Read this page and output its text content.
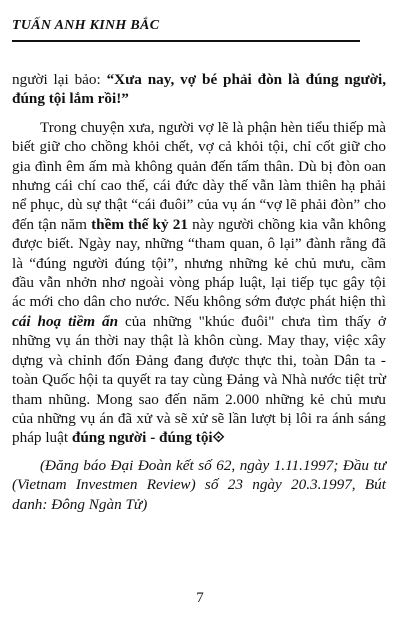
TUẤN ANH KINH BẮC

người lại bảo: “Xưa nay, vợ bé phải đòn là đúng người, đúng tội lắm rồi!”

Trong chuyện xưa, người vợ lẽ là phận hèn tiểu thiếp mà biết giữ cho chồng khỏi chết, vợ cả khỏi tội, chỉ cốt giữ cho gia đình êm ấm mà không quản đến tấm thân. Dù bị đòn oan nhưng cái chí cao thế, cái đức dày thế vẫn làm thiên hạ phải nể phục, dù sự thật “cái đuôi” của vụ án “vợ lẽ phải đòn” cho đến tận năm thềm thế kỷ 21 này người chồng kia vẫn không được biết. Ngày nay, những “tham quan, ô lại” đành rằng đã là “đúng người đúng tội”, nhưng những kẻ chủ mưu, cầm đầu vẫn nhởn nhơ ngoài vòng pháp luật, lại tiếp tục gây tội ác mới cho dân cho nước. Nếu không sớm được phát hiện thì cái hoạ tiềm ẩn của những "khúc đuôi" chưa tìm thấy ở những vụ án thời nay thật là khôn cùng. May thay, việc xây dựng và chỉnh đốn Đảng đang được thực thi, toàn Dân ta - toàn Quốc hội ta quyết ra tay cùng Đảng và Nhà nước tiệt trừ tham nhũng. Mong sao đến năm 2.000 những kẻ chủ mưu của những vụ án đã xử và sẽ xử sẽ lần lượt bị lôi ra ánh sáng pháp luật đúng người - đúng tội⟐

(Đăng báo Đại Đoàn kết số 62, ngày 1.11.1997; Đầu tư (Vietnam Investmen Review) số 23 ngày 20.3.1997, Bút danh: Đông Ngàn Tử)

7
